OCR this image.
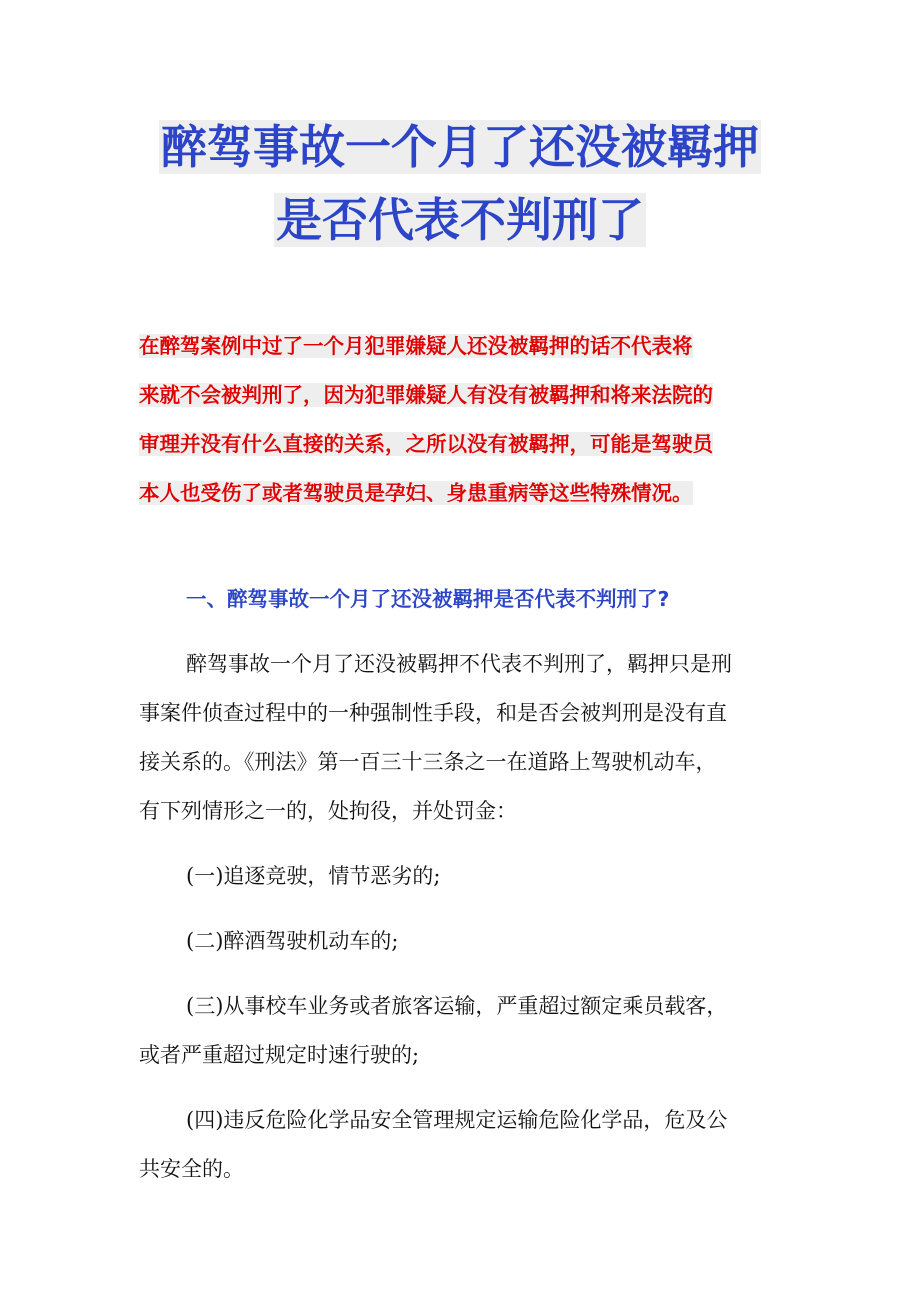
醉驾事故一个月了还没被羁押
是否代表不判刑了
在醉驾案例中过了一个月犯罪嫌疑人还没被羁押的话不代表将
来就不会被判刑了，因为犯罪嫌疑人有没有被羁押和将来法院的
审理并没有什么直接的关系，之所以没有被羁押，可能是驾驶员
本人也受伤了或者驾驶员是孕妇、身患重病等这些特殊情况。
一、醉驾事故一个月了还没被羁押是否代表不判刑了?
醉驾事故一个月了还没被羁押不代表不判刑了，羁押只是刑
事案件侦查过程中的一种强制性手段，和是否会被判刑是没有直
接关系的。《刑法》第一百三十三条之一在道路上驾驶机动车，
有下列情形之一的，处拘役，并处罚金：
(一)追逐竞驶，情节恶劣的;
(二)醉酒驾驶机动车的;
(三)从事校车业务或者旅客运输，严重超过额定乘员载客，
或者严重超过规定时速行驶的;
(四)违反危险化学品安全管理规定运输危险化学品，危及公
共安全的。
